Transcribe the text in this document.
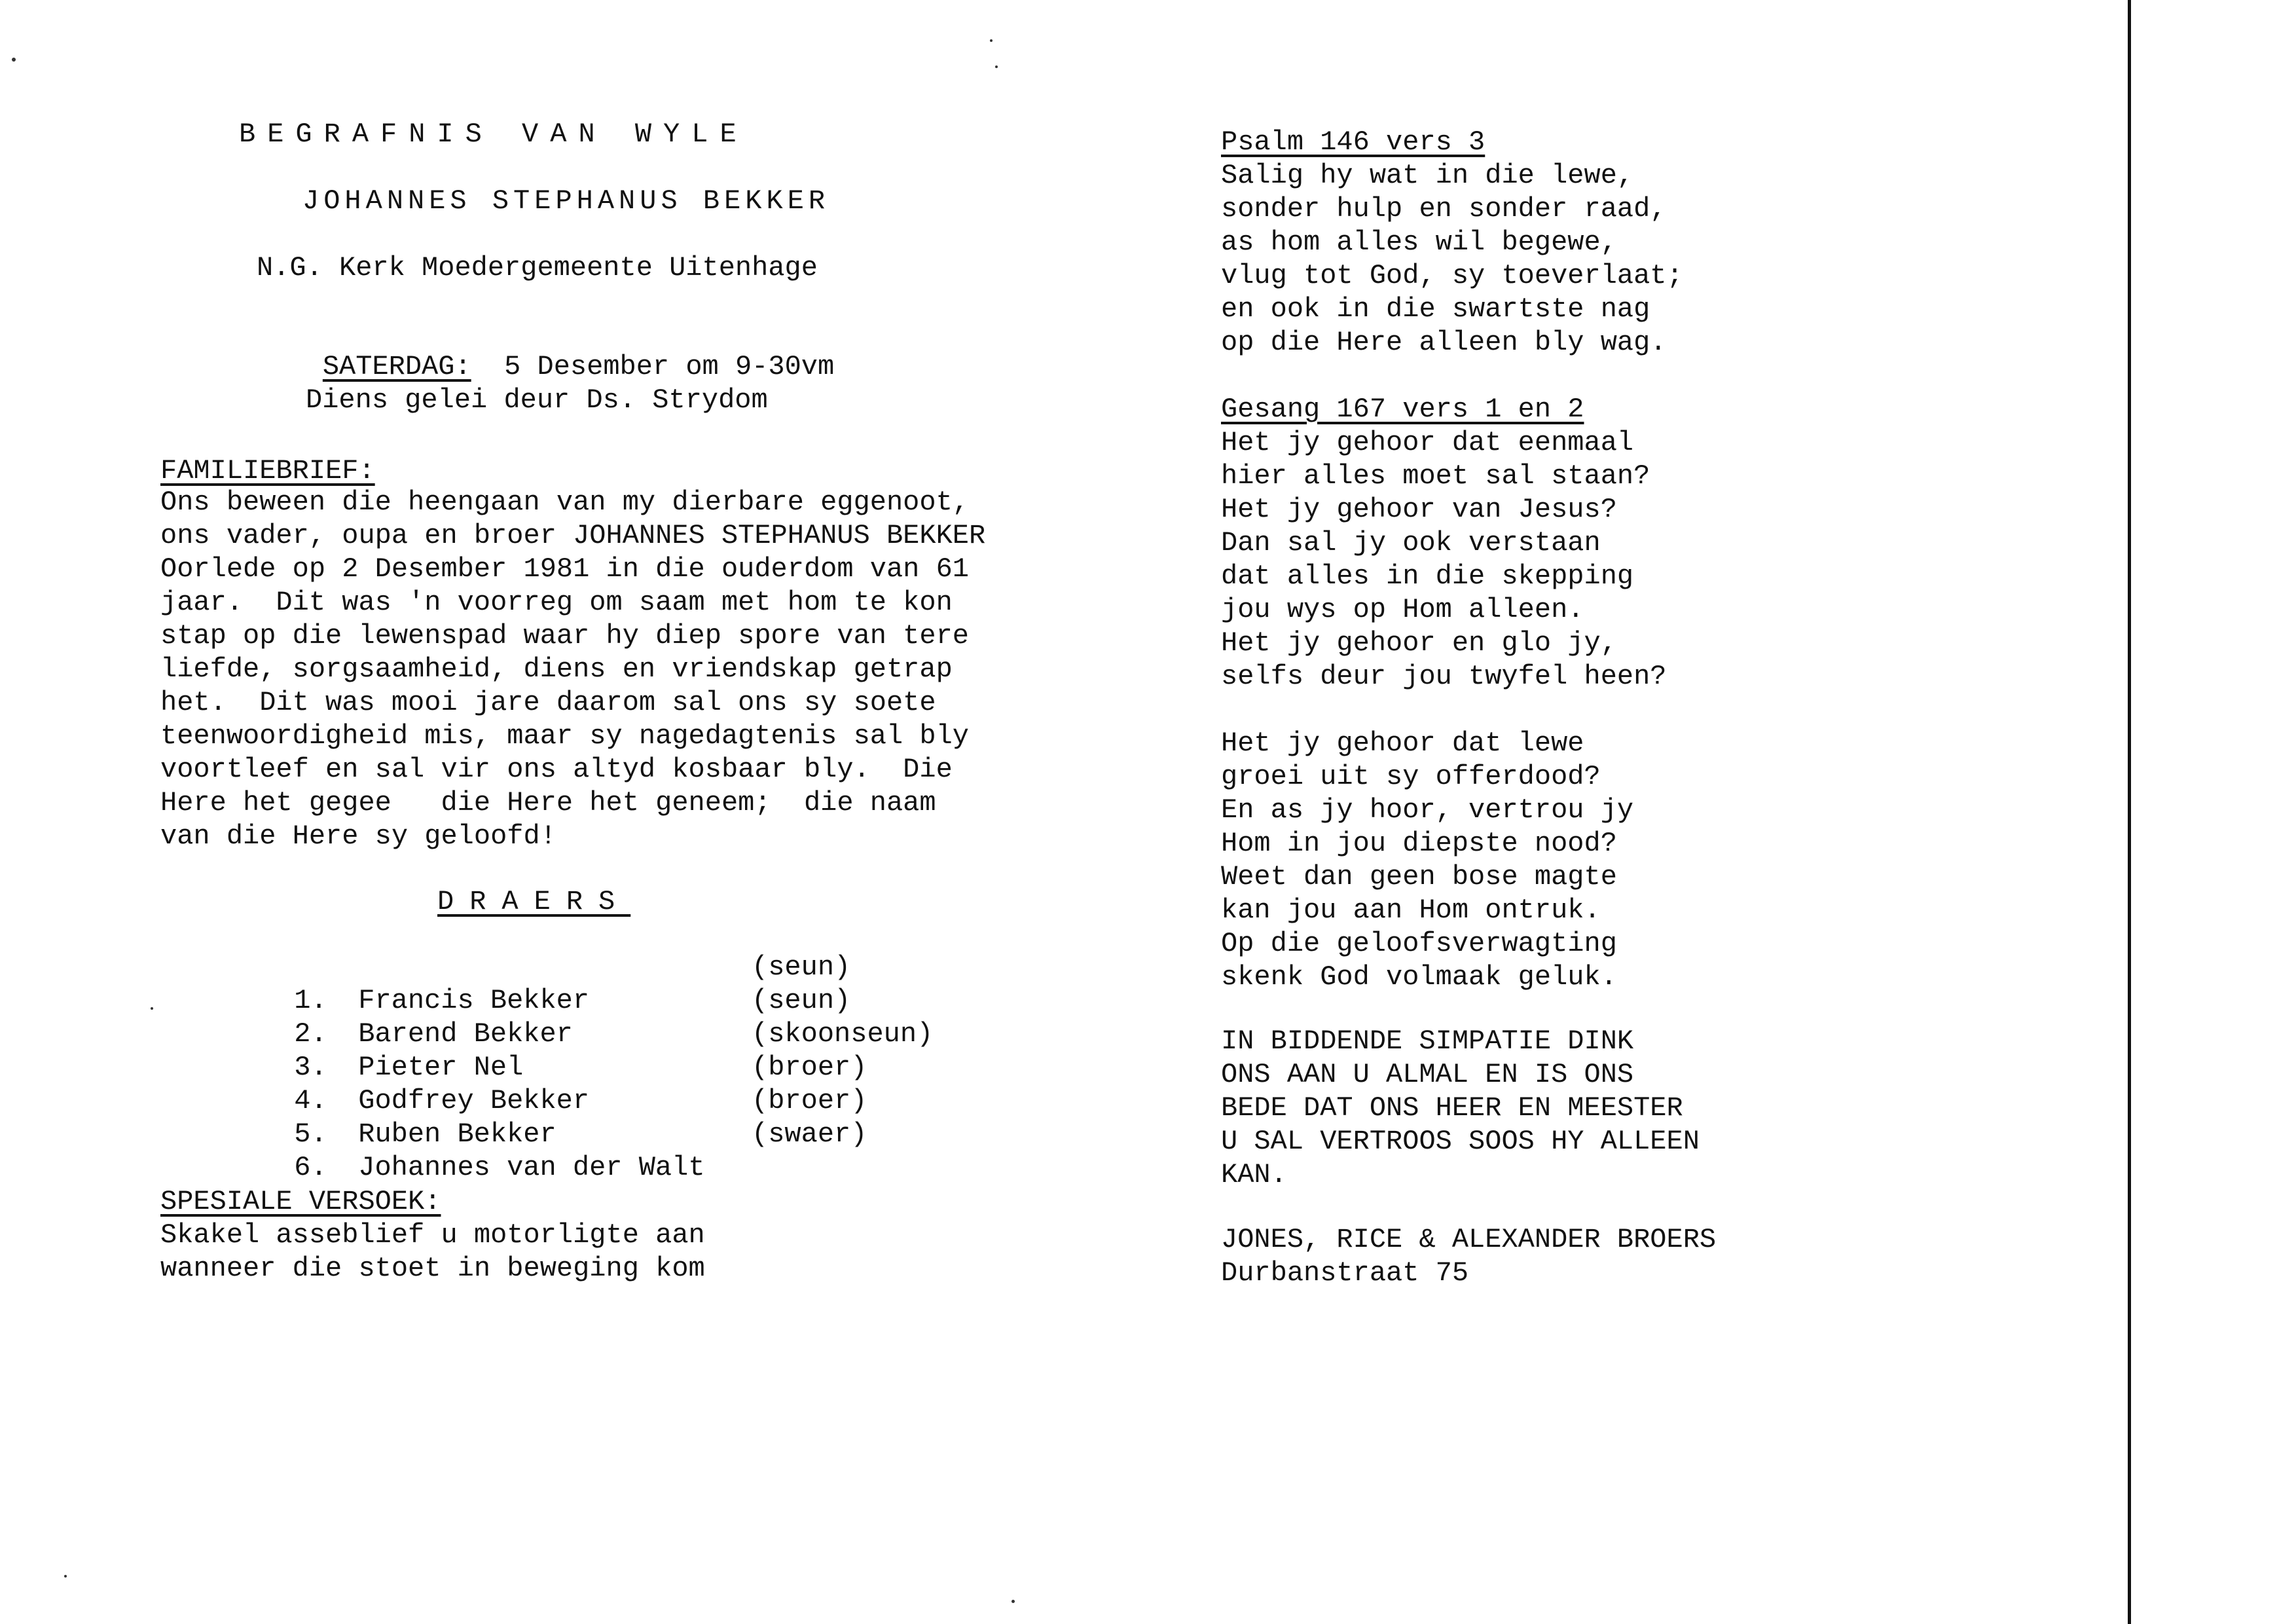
BEGRAFNIS VAN WYLE
JOHANNES STEPHANUS BEKKER
N.G. Kerk Moedergemeente Uitenhage

SATERDAG: 5 Desember om 9-30vm

Diens gelei deur Ds. Strydom
FAMILIEBRIEF:
Ons beween die heengaan van my dierbare eggenoot,
ons vader, oupa en broer JOHANNES STEPHANUS BEKKER
Oorlede op 2 Desember 1981 in die ouderdom van 61
jaar.  Dit was 'n voorreg om saam met hom te kon
stap op die lewenspad waar hy diep spore van tere
liefde, sorgsaamheid, diens en vriendskap getrap
het.  Dit was mooi jare daarom sal ons sy soete
teenwoordigheid mis, maar sy nagedagtenis sal bly
voortleef en sal vir ons altyd kosbaar bly.  Die
Here het gegee   die Here het geneem;  die naam
van die Here sy geloofd!
DRAERS

1. Francis Bekker

(seun)

2. Barend Bekker

(seun)

3. Pieter Nel

(skoonseun)

4. Godfrey Bekker

(broer)

5. Ruben Bekker

(broer)

6. Johannes van der Walt

(swaer)
SPESIALE VERSOEK:
Skakel asseblief u motorligte aan
wanneer die stoet in beweging kom
Psalm 146 vers 3
Salig hy wat in die lewe,
sonder hulp en sonder raad,
as hom alles wil begewe,
vlug tot God, sy toeverlaat;
en ook in die swartste nag
op die Here alleen bly wag.
Gesang 167 vers 1 en 2
Het jy gehoor dat eenmaal
hier alles moet sal staan?
Het jy gehoor van Jesus?
Dan sal jy ook verstaan
dat alles in die skepping
jou wys op Hom alleen.
Het jy gehoor en glo jy,
selfs deur jou twyfel heen?
Het jy gehoor dat lewe
groei uit sy offerdood?
En as jy hoor, vertrou jy
Hom in jou diepste nood?
Weet dan geen bose magte
kan jou aan Hom ontruk.
Op die geloofsverwagting
skenk God volmaak geluk.
IN BIDDENDE SIMPATIE DINK
ONS AAN U ALMAL EN IS ONS
BEDE DAT ONS HEER EN MEESTER
U SAL VERTROOS SOOS HY ALLEEN
KAN.
JONES, RICE & ALEXANDER BROERS
Durbanstraat 75
